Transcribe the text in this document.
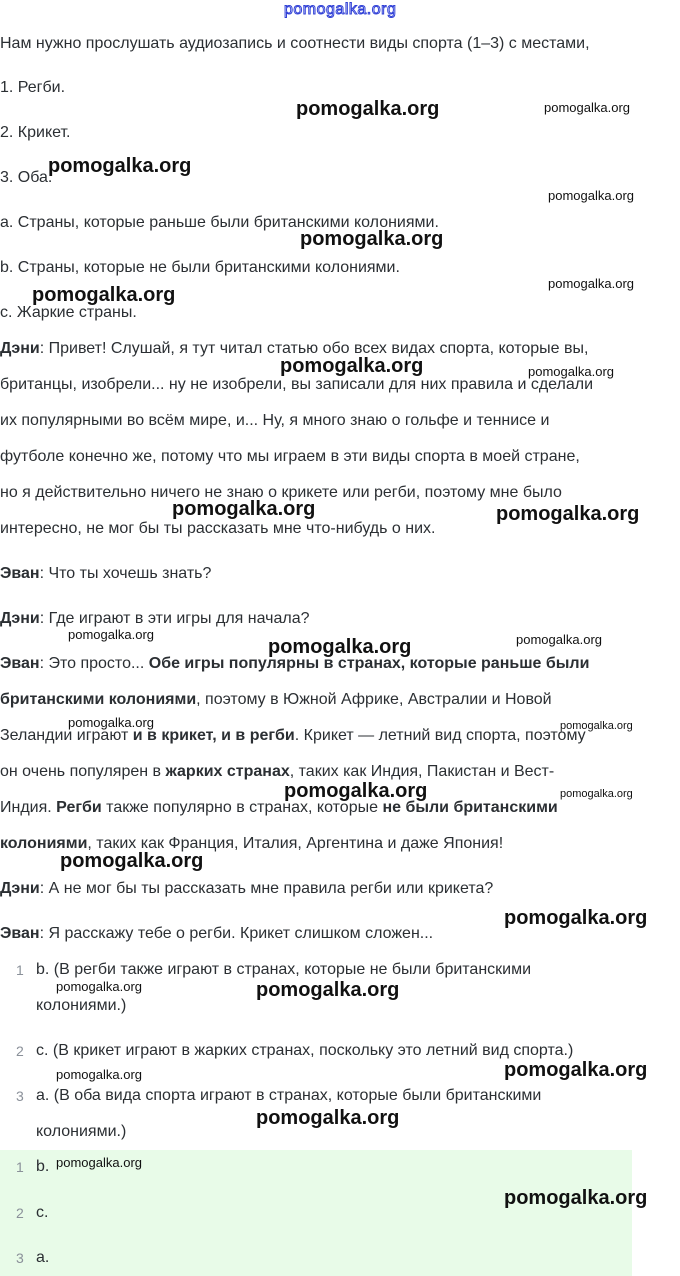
pomogalka.org
Нам нужно прослушать аудиозапись и соотнести виды спорта (1–3) с местами,
1. Регби.
2. Крикет.
3. Оба.
a. Страны, которые раньше были британскими колониями.
b. Страны, которые не были британскими колониями.
c. Жаркие страны.
Дэни: Привет! Слушай, я тут читал статью обо всех видах спорта, которые вы,
британцы, изобрели... ну не изобрели, вы записали для них правила и сделали
их популярными во всём мире, и... Ну, я много знаю о гольфе и теннисе и
футболе конечно же, потому что мы играем в эти виды спорта в моей стране,
но я действительно ничего не знаю о крикете или регби, поэтому мне было
интересно, не мог бы ты рассказать мне что-нибудь о них.
Эван: Что ты хочешь знать?
Дэни: Где играют в эти игры для начала?
Эван: Это просто... Обе игры популярны в странах, которые раньше были
британскими колониями, поэтому в Южной Африке, Австралии и Новой
Зеландии играют и в крикет, и в регби. Крикет — летний вид спорта, поэтому
он очень популярен в жарких странах, таких как Индия, Пакистан и Вест-
Индия. Регби также популярно в странах, которые не были британскими
колониями, таких как Франция, Италия, Аргентина и даже Япония!
Дэни: А не мог бы ты рассказать мне правила регби или крикета?
Эван: Я расскажу тебе о регби. Крикет слишком сложен...
1 b. (В регби также играют в странах, которые не были британскими
колониями.)
2 c. (В крикет играют в жарких странах, поскольку это летний вид спорта.)
3 a. (В оба вида спорта играют в странах, которые были британскими
колониями.)
1 b.
2 c.
3 a.
pomogalka.org	pomogalka.org
pomogalka.org
pomogalka.org
pomogalka.org
pomogalka.org
pomogalka.org
pomogalka.org	pomogalka.org
pomogalka.org	pomogalka.org
pomogalka.org
pomogalka.org	pomogalka.org
pomogalka.org	pomogalka.org
pomogalka.org	pomogalka.org
pomogalka.org
pomogalka.org
pomogalka.org	pomogalka.org
pomogalka.org	pomogalka.org
pomogalka.org
pomogalka.org
pomogalka.org
